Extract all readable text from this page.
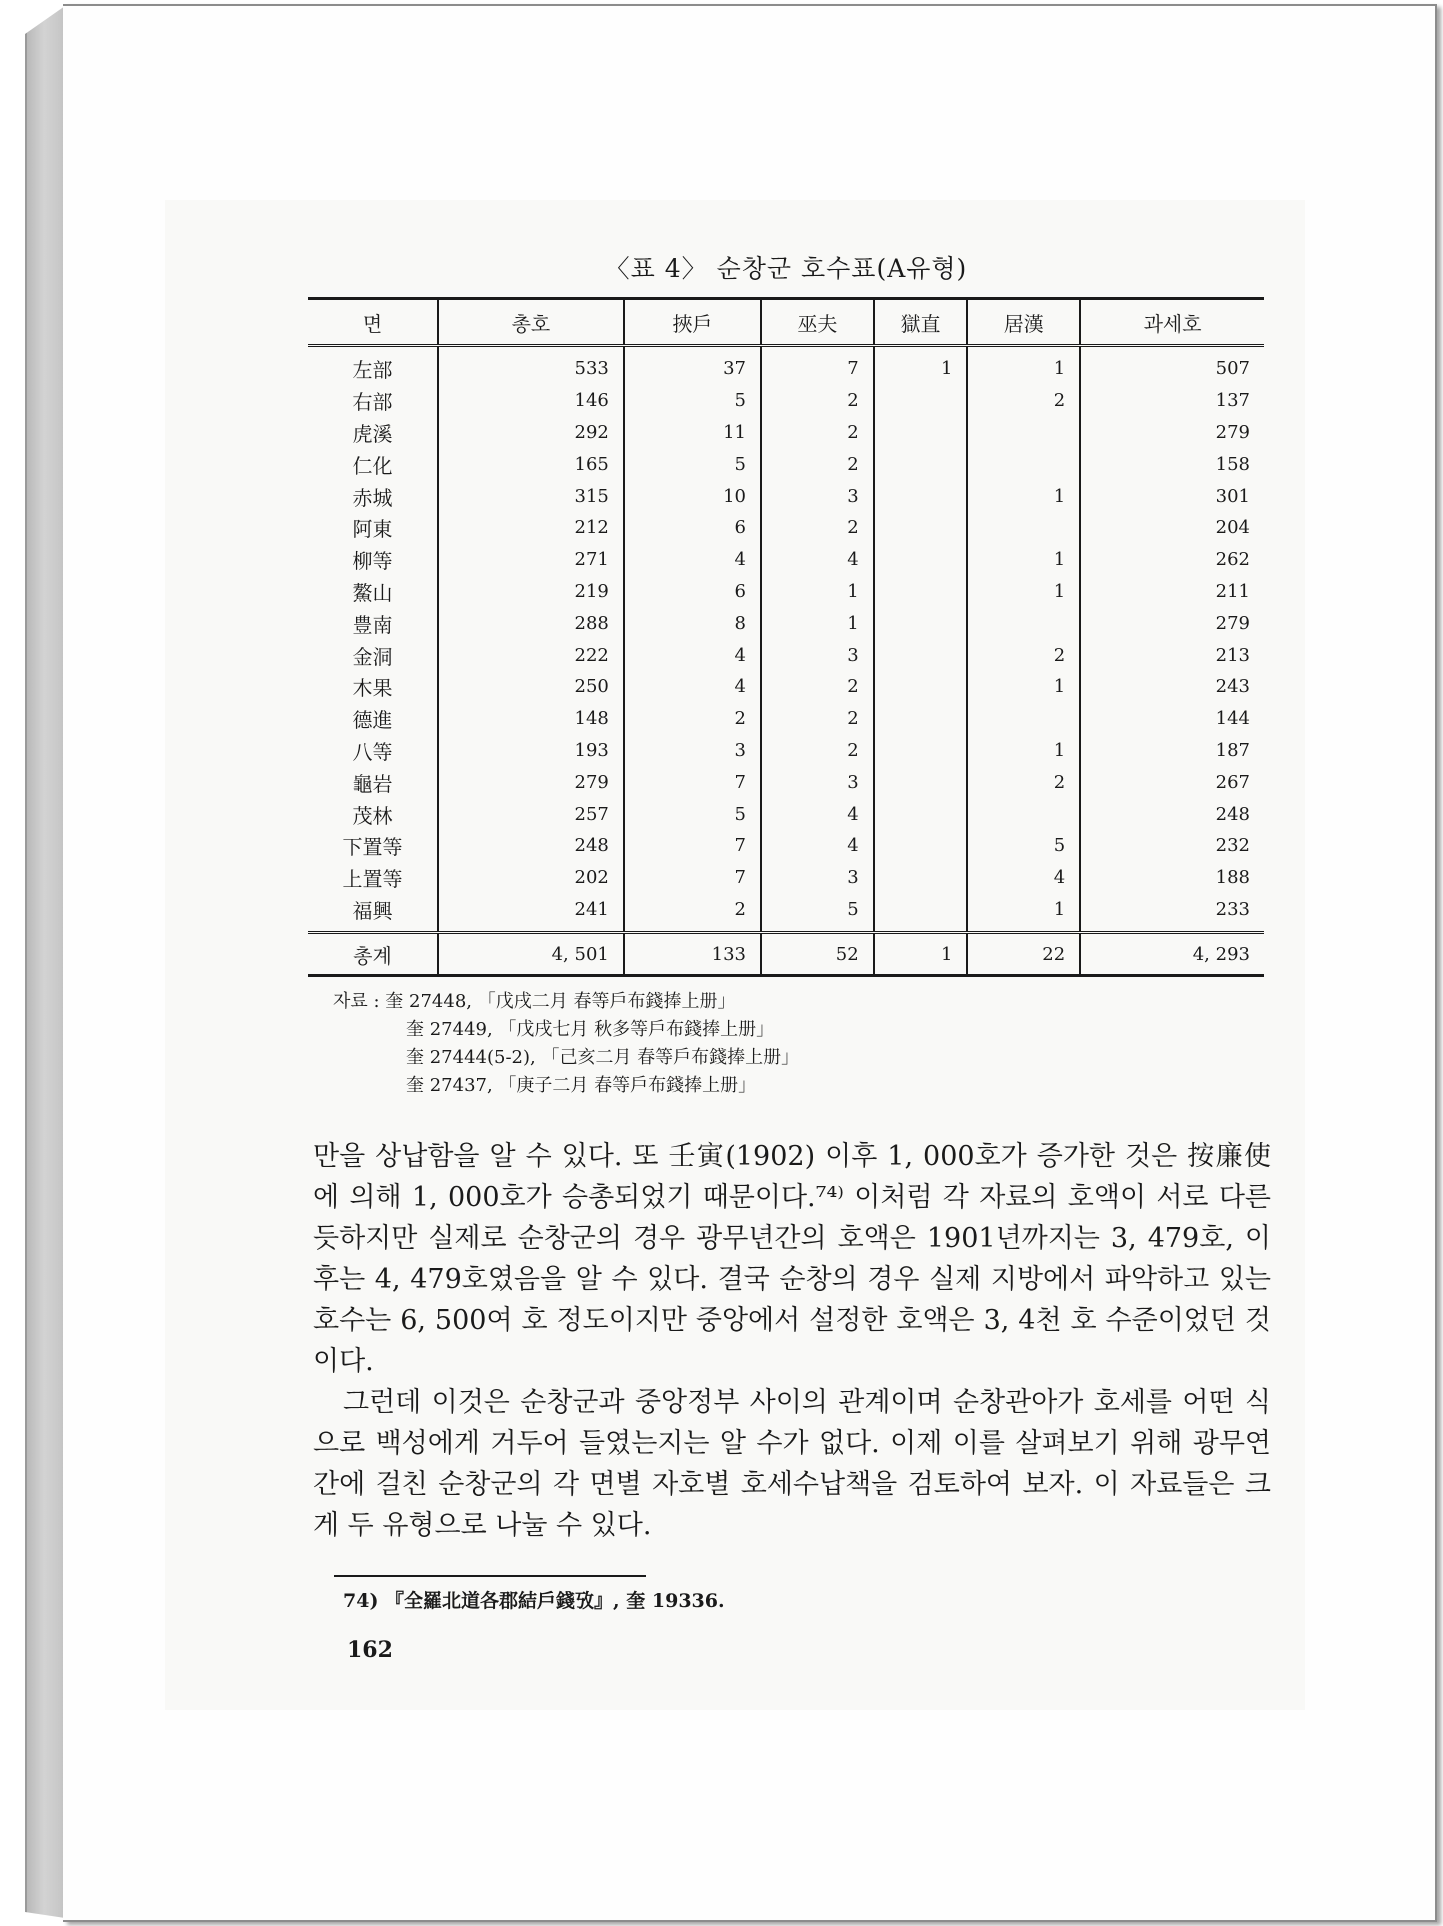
〈표 4〉 순창군 호수표(A유형)
면	총호	挾戶	巫夫	獄直	居漢	과세호
左部	533	37	7	1	1	507
右部	146	5	2		2	137
虎溪	292	11	2			279
仁化	165	5	2			158
赤城	315	10	3		1	301
阿東	212	6	2			204
柳等	271	4	4		1	262
鰲山	219	6	1		1	211
豊南	288	8	1			279
金洞	222	4	3		2	213
木果	250	4	2		1	243
德進	148	2	2			144
八等	193	3	2		1	187
龜岩	279	7	3		2	267
茂林	257	5	4			248
下置等	248	7	4		5	232
上置等	202	7	3		4	188
福興	241	2	5		1	233
총계	4, 501	133	52	1	22	4, 293
자료 : 奎 27448, 「戊戌二月 春等戶布錢捧上册」
奎 27449, 「戊戌七月 秋多等戶布錢捧上册」
奎 27444(5-2), 「己亥二月 春等戶布錢捧上册」
奎 27437, 「庚子二月 春等戶布錢捧上册」

만을 상납함을 알 수 있다. 또 壬寅(1902) 이후 1, 000호가 증가한 것은 按廉使에 의해 1, 000호가 승총되었기 때문이다.⁷⁴⁾ 이처럼 각 자료의 호액이 서로 다른 듯하지만 실제로 순창군의 경우 광무년간의 호액은 1901년까지는 3, 479호, 이후는 4, 479호였음을 알 수 있다. 결국 순창의 경우 실제 지방에서 파악하고 있는 호수는 6, 500여 호 정도이지만 중앙에서 설정한 호액은 3, 4천 호 수준이었던 것이다.

그런데 이것은 순창군과 중앙정부 사이의 관계이며 순창관아가 호세를 어떤 식으로 백성에게 거두어 들였는지는 알 수가 없다. 이제 이를 살펴보기 위해 광무연간에 걸친 순창군의 각 면별 자호별 호세수납책을 검토하여 보자. 이 자료들은 크게 두 유형으로 나눌 수 있다.

74) 『全羅北道各郡結戶錢攷』, 奎 19336.
162
